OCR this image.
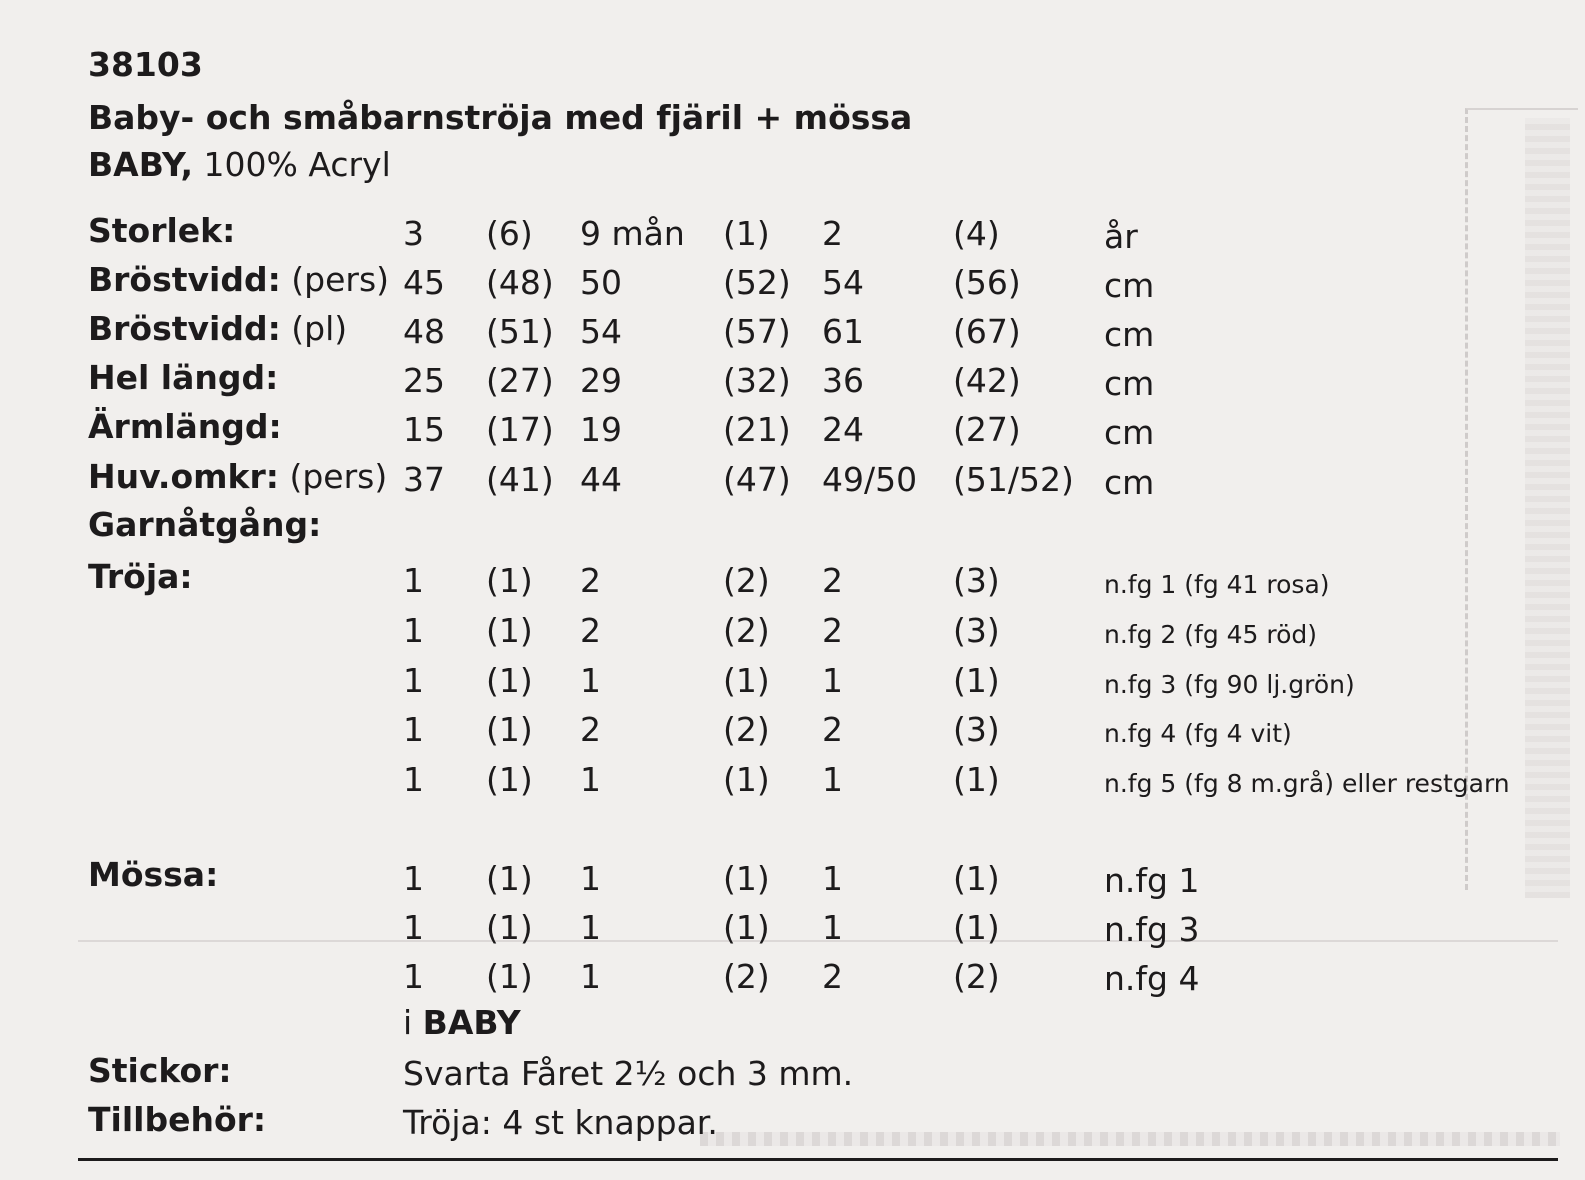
38103
Baby- och småbarnströja med fjäril + mössa
BABY, 100% Acryl
Storlek:	3 (6) 9 mån (1) 2	(4)	år
Bröstvidd: (pers) 45 (48) 50	(52) 54	(56)	cm
Bröstvidd: (pl) 48 (51) 54	(57) 61	(67)	cm
Hel längd:	25 (27) 29	(32) 36	(42)	cm
Ärmlängd:	15 (17) 19	(21) 24	(27)	cm
Huv.omkr: (pers) 37 (41) 44	(47) 49/50 (51/52) cm
Garnåtgång:
Tröja:	1 (1) 2	(2) 2	(3)	n.fg 1 (fg 41 rosa)
1 (1) 2	(2) 2	(3)	n.fg 2 (fg 45 röd)
1 (1) 1	(1) 1	(1)	n.fg 3 (fg 90 lj.grön)
1 (1) 2	(2) 2	(3)	n.fg 4 (fg 4 vit)
1 (1) 1	(1) 1	(1)	n.fg 5 (fg 8 m.grå) eller restgarn
Mössa:	1 (1) 1	(1) 1	(1)	n.fg 1
1 (1) 1	(1) 1	(1)	n.fg 3
1 (1) 1	(2) 2	(2)	n.fg 4
i BABY
Stickor:	Svarta Fåret 2½ och 3 mm.
Tillbehör:	Tröja: 4 st knappar.
